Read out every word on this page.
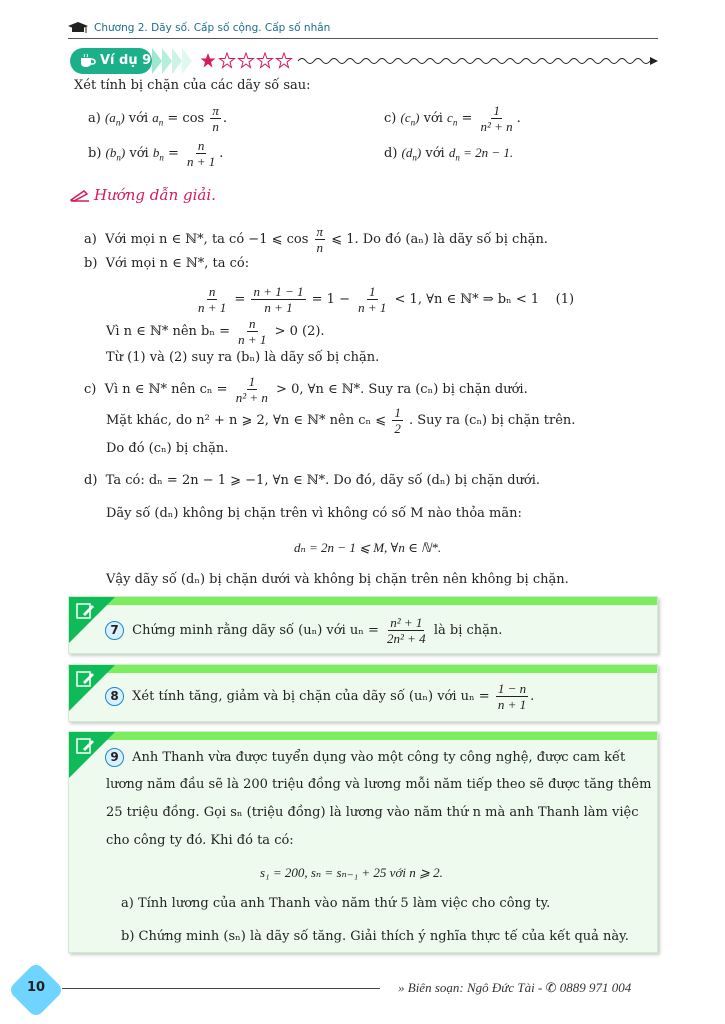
Chương 2. Dãy số. Cấp số cộng. Cấp số nhân
Ví dụ 9
Xét tính bị chặn của các dãy số sau:
a) $(a_n)$ với $a_n = \cos \frac{\pi}{n}$ .
b) $(b_n)$ với $b_n = \frac{n}{n + 1}$ .
c) $(c_n)$ với $c_n = \frac{1}{\text{n² + n}}$ .
d) $(d_n)$ với $d_n = 2n - 1$.
Hướng dẫn giải.
a)  Với mọi n ∈ ℕ*, ta có −1 ⩽ $\cos \frac{\pi}{n}$ ⩽ 1. Do đó (aₙ) là dãy số bị chặn.
b)  Với mọi n ∈ ℕ*, ta có:
$\frac{n}{n + 1} = \frac{n + 1 - 1}{n + 1} = 1 - \frac{1}{n + 1} < 1$, ∀n ∈ ℕ* ⇒ bₙ < 1 (1)
Vì n ∈ ℕ* nên $b_n = \frac{n}{n + 1} > 0$ (2).
Từ (1) và (2) suy ra (bₙ) là dãy số bị chặn.
c)  Vì n ∈ ℕ* nên $c_n = \frac{1}{\text{n² + n}} > 0$, ∀n ∈ ℕ*. Suy ra (cₙ) bị chặn dưới.
Mặt khác, do n² + n ⩾ 2, ∀n ∈ ℕ* nên cₙ ⩽ $\frac{1}{2}$ . Suy ra (cₙ) bị chặn trên.
Do đó (cₙ) bị chặn.
d)  Ta có: dₙ = 2n − 1 ⩾ −1, ∀n ∈ ℕ*. Do đó, dãy số (dₙ) bị chặn dưới.
Dãy số (dₙ) không bị chặn trên vì không có số M nào thỏa mãn:
dₙ = 2n − 1 ⩽ M, ∀n ∈ ℕ*.
Vậy dãy số (dₙ) bị chặn dưới và không bị chặn trên nên không bị chặn.
7 Chứng minh rằng dãy số (uₙ) với $u_n = \frac{\text{n² + 1}}{\text{2n² + 4}}$ là bị chặn.
8 Xét tính tăng, giảm và bị chặn của dãy số (uₙ) với $u_n = \frac{1 - n}{n + 1}$ .
9 Anh Thanh vừa được tuyển dụng vào một công ty công nghệ, được cam kết
lương năm đầu sẽ là 200 triệu đồng và lương mỗi năm tiếp theo sẽ được tăng thêm
25 triệu đồng. Gọi sₙ (triệu đồng) là lương vào năm thứ n mà anh Thanh làm việc
cho công ty đó. Khi đó ta có:
s₁ = 200, sₙ = sₙ₋₁ + 25 với n ⩾ 2.
a) Tính lương của anh Thanh vào năm thứ 5 làm việc cho công ty.
b) Chứng minh (sₙ) là dãy số tăng. Giải thích ý nghĩa thực tế của kết quả này.
10	» Biên soạn: Ngô Đức Tài - ✆ 0889 971 004
